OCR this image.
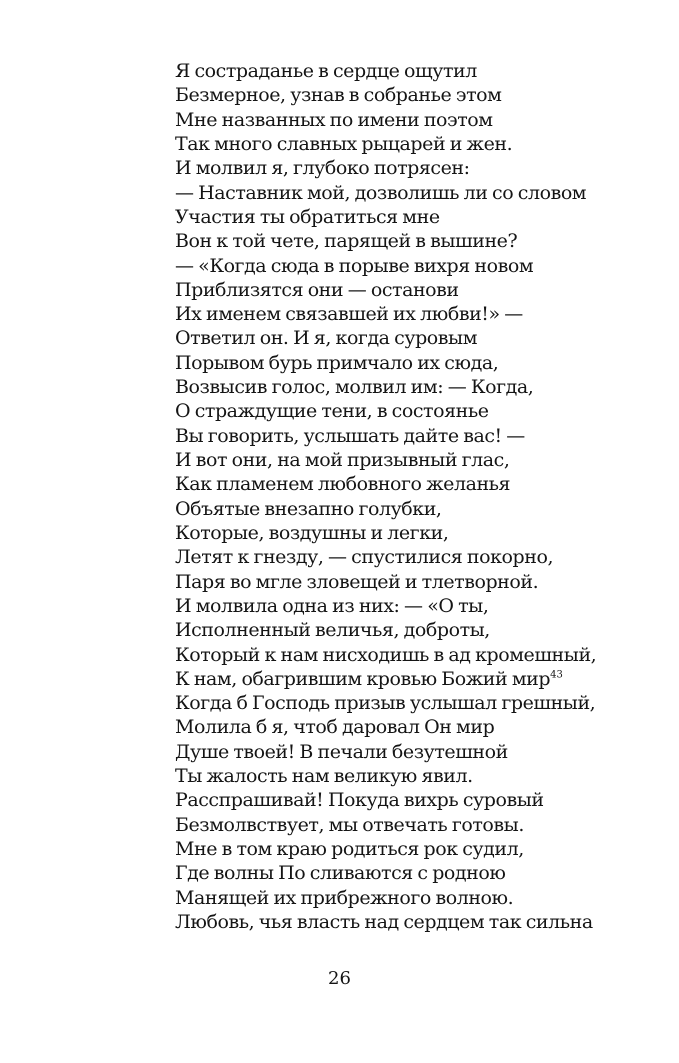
Я состраданье в сердце ощутил
Безмерное, узнав в собранье этом
Мне названных по имени поэтом
Так много славных рыцарей и жен.
И молвил я, глубоко потрясен:
— Наставник мой, дозволишь ли со словом
Участия ты обратиться мне
Вон к той чете, парящей в вышине?
— «Когда сюда в порыве вихря новом
Приблизятся они — останови
Их именем связавшей их любви!» —
Ответил он. И я, когда суровым
Порывом бурь примчало их сюда,
Возвысив голос, молвил им: — Когда,
О страждущие тени, в состоянье
Вы говорить, услышать дайте вас! —
И вот они, на мой призывный глас,
Как пламенем любовного желанья
Объятые внезапно голубки,
Которые, воздушны и легки,
Летят к гнезду, — спустилися покорно,
Паря во мгле зловещей и тлетворной.
И молвила одна из них: — «О ты,
Исполненный величья, доброты,
Который к нам нисходишь в ад кромешный,
К нам, обагрившим кровью Божий мир$^{43}$
Когда б Господь призыв услышал грешный,
Молила б я, чтоб даровал Он мир
Душе твоей! В печали безутешной
Ты жалость нам великую явил.
Расспрашивай! Покуда вихрь суровый
Безмолвствует, мы отвечать готовы.
Мне в том краю родиться рок судил,
Где волны По сливаются с родною
Манящей их прибрежного волною.
Любовь, чья власть над сердцем так сильна
26
